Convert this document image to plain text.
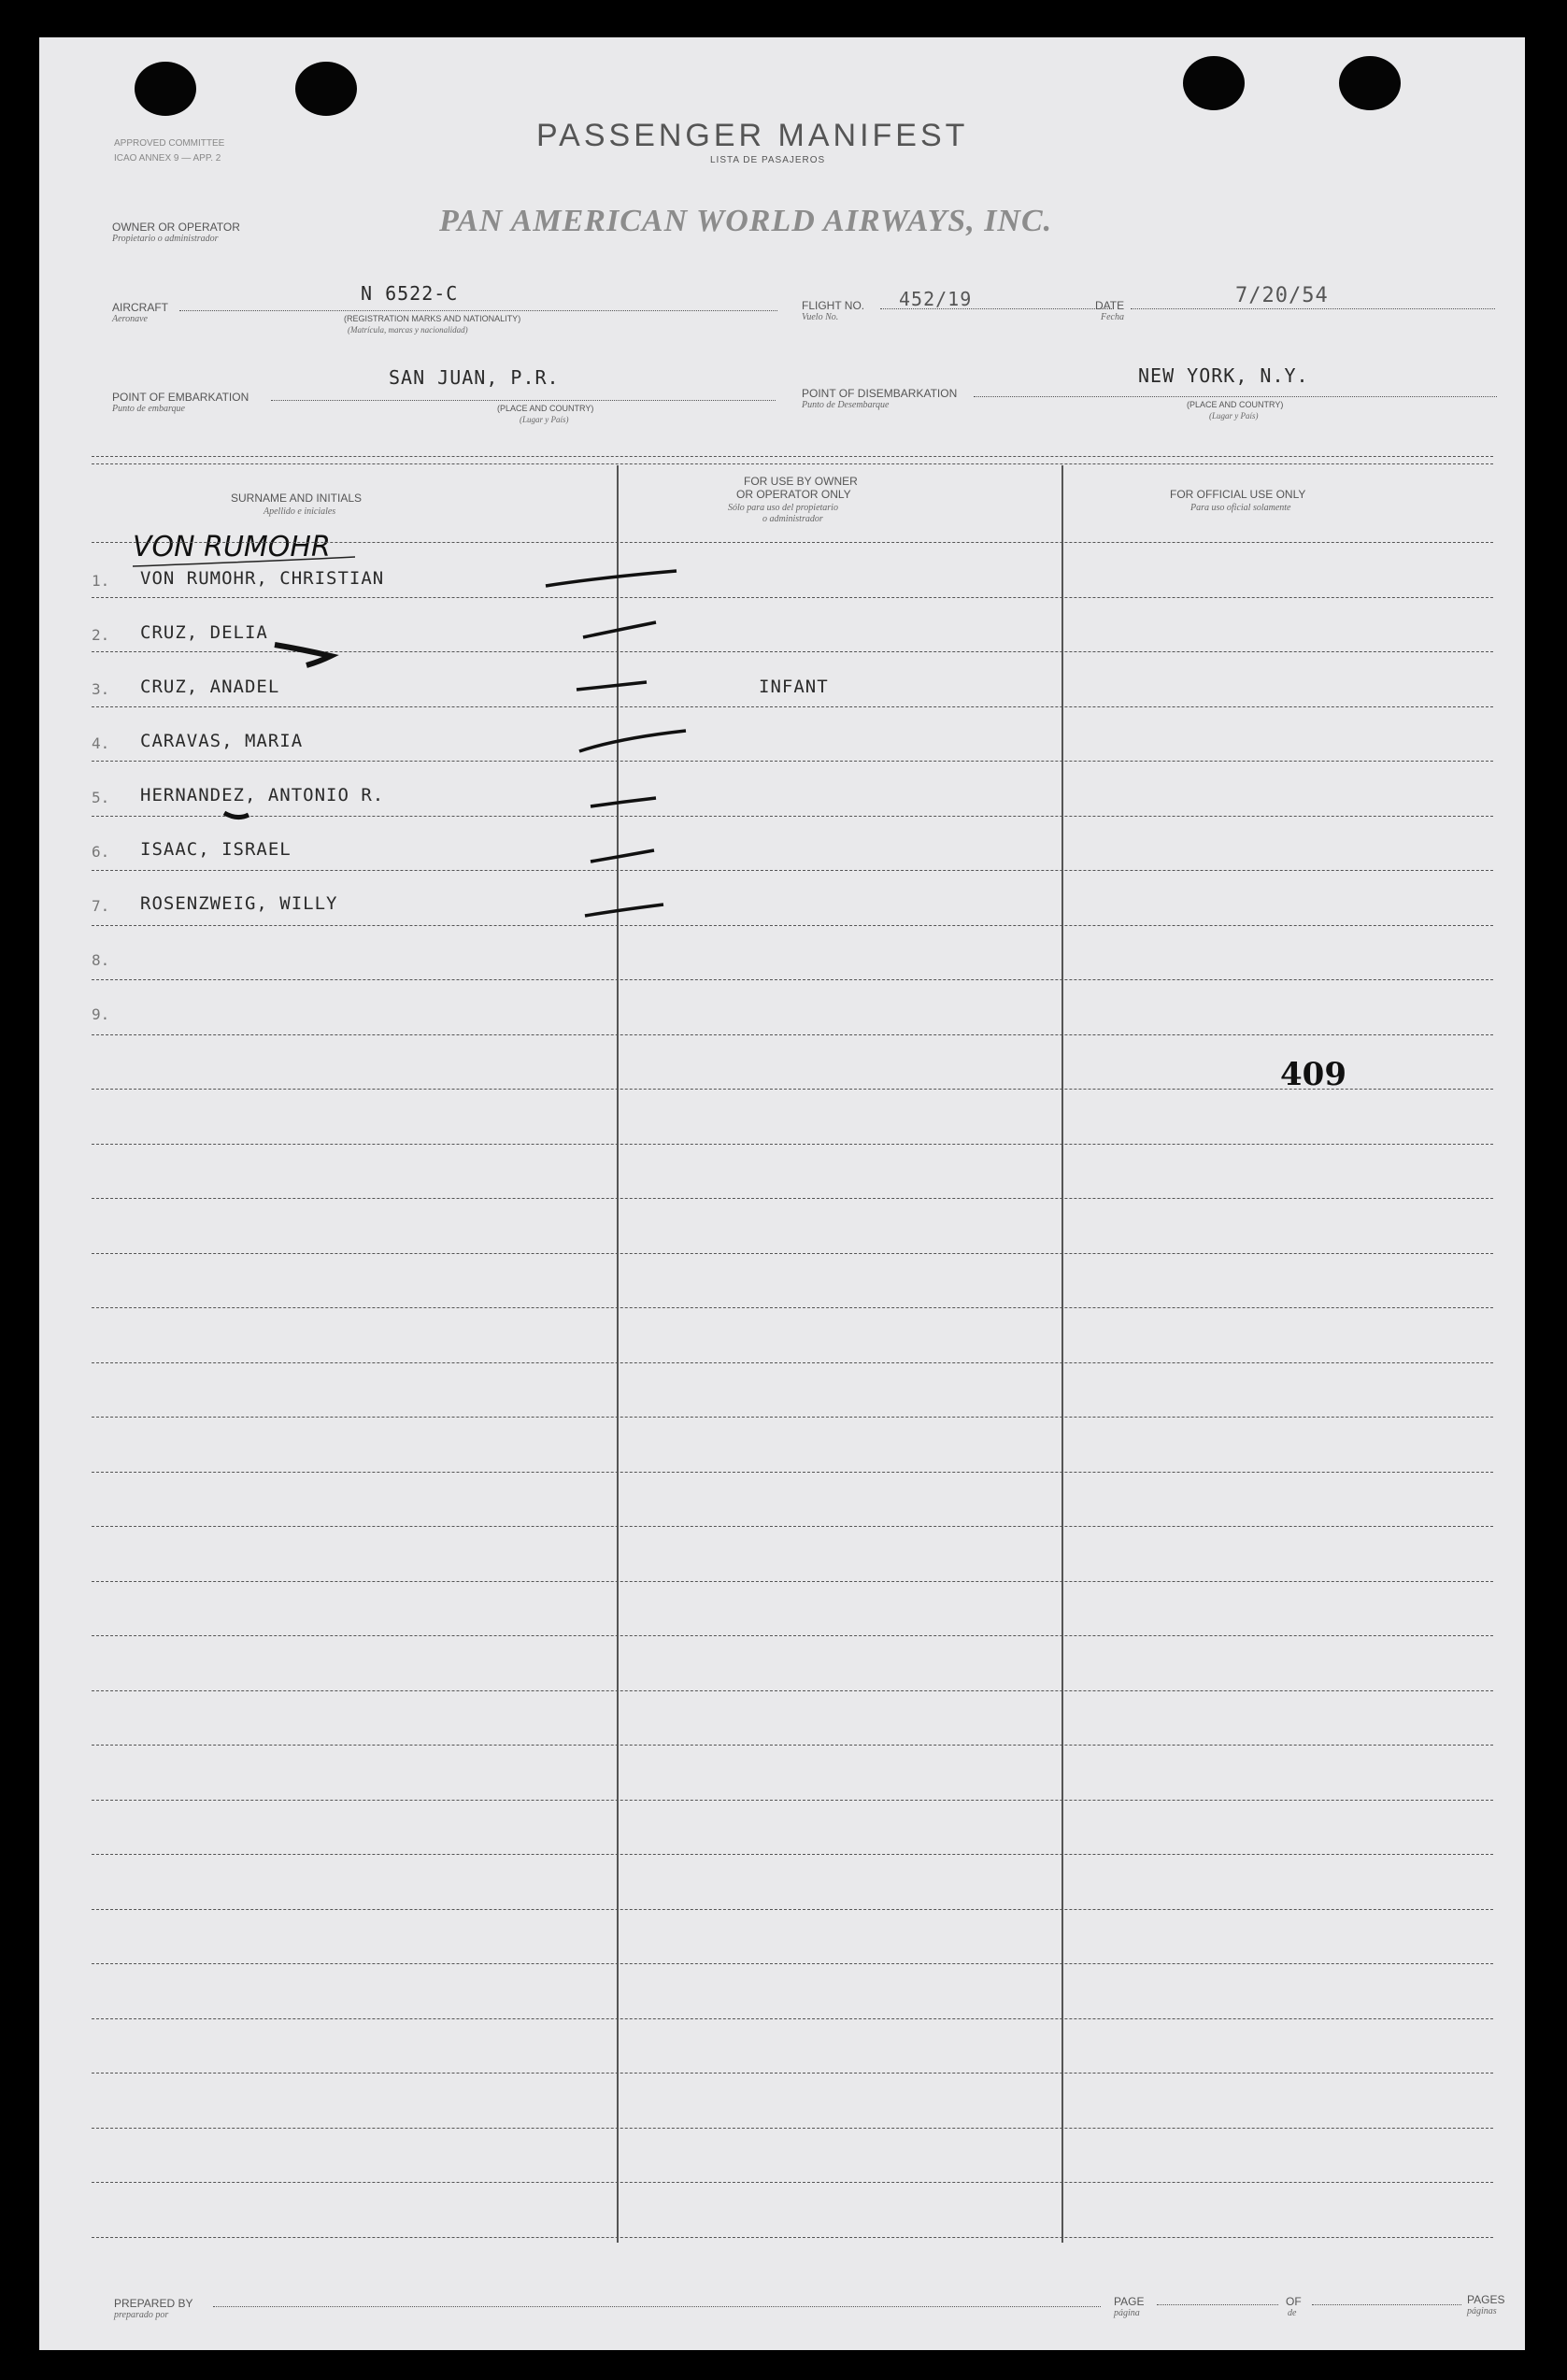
APPROVED COMMITTEE
ICAO ANNEX 9 — APP. 2
PASSENGER MANIFEST
LISTA DE PASAJEROS
OWNER OR OPERATOR
Propietario o administrador
PAN AMERICAN WORLD AIRWAYS, INC.
AIRCRAFT
Aeronave
N 6522-C
(REGISTRATION MARKS AND NATIONALITY)
(Matrícula, marcas y nacionalidad)
FLIGHT NO.
Vuelo No.
452/19	DATE
Fecha
7/20/54
POINT OF EMBARKATION
Punto de embarque
SAN JUAN, P.R.
(PLACE AND COUNTRY)
(Lugar y País)
POINT OF DISEMBARKATION
Punto de Desembarque
NEW YORK, N.Y.
(PLACE AND COUNTRY)
(Lugar y País)
SURNAME AND INITIALS
Apellido e iniciales
FOR USE BY OWNER
OR OPERATOR ONLY
Sólo para uso del propietario
o administrador
FOR OFFICIAL USE ONLY
Para uso oficial solamente
1. VON RUMOHR, CHRISTIAN
2. CRUZ, DELIA
3. CRUZ, ANADEL	INFANT
4. CARAVAS, MARIA
5. HERNANDEZ, ANTONIO R.
6. ISAAC, ISRAEL
7. ROSENZWEIG, WILLY
8.
9.
VON RUMOHR
409
PREPARED BY
preparado por
PAGE
página
OF
de
PAGES
páginas
